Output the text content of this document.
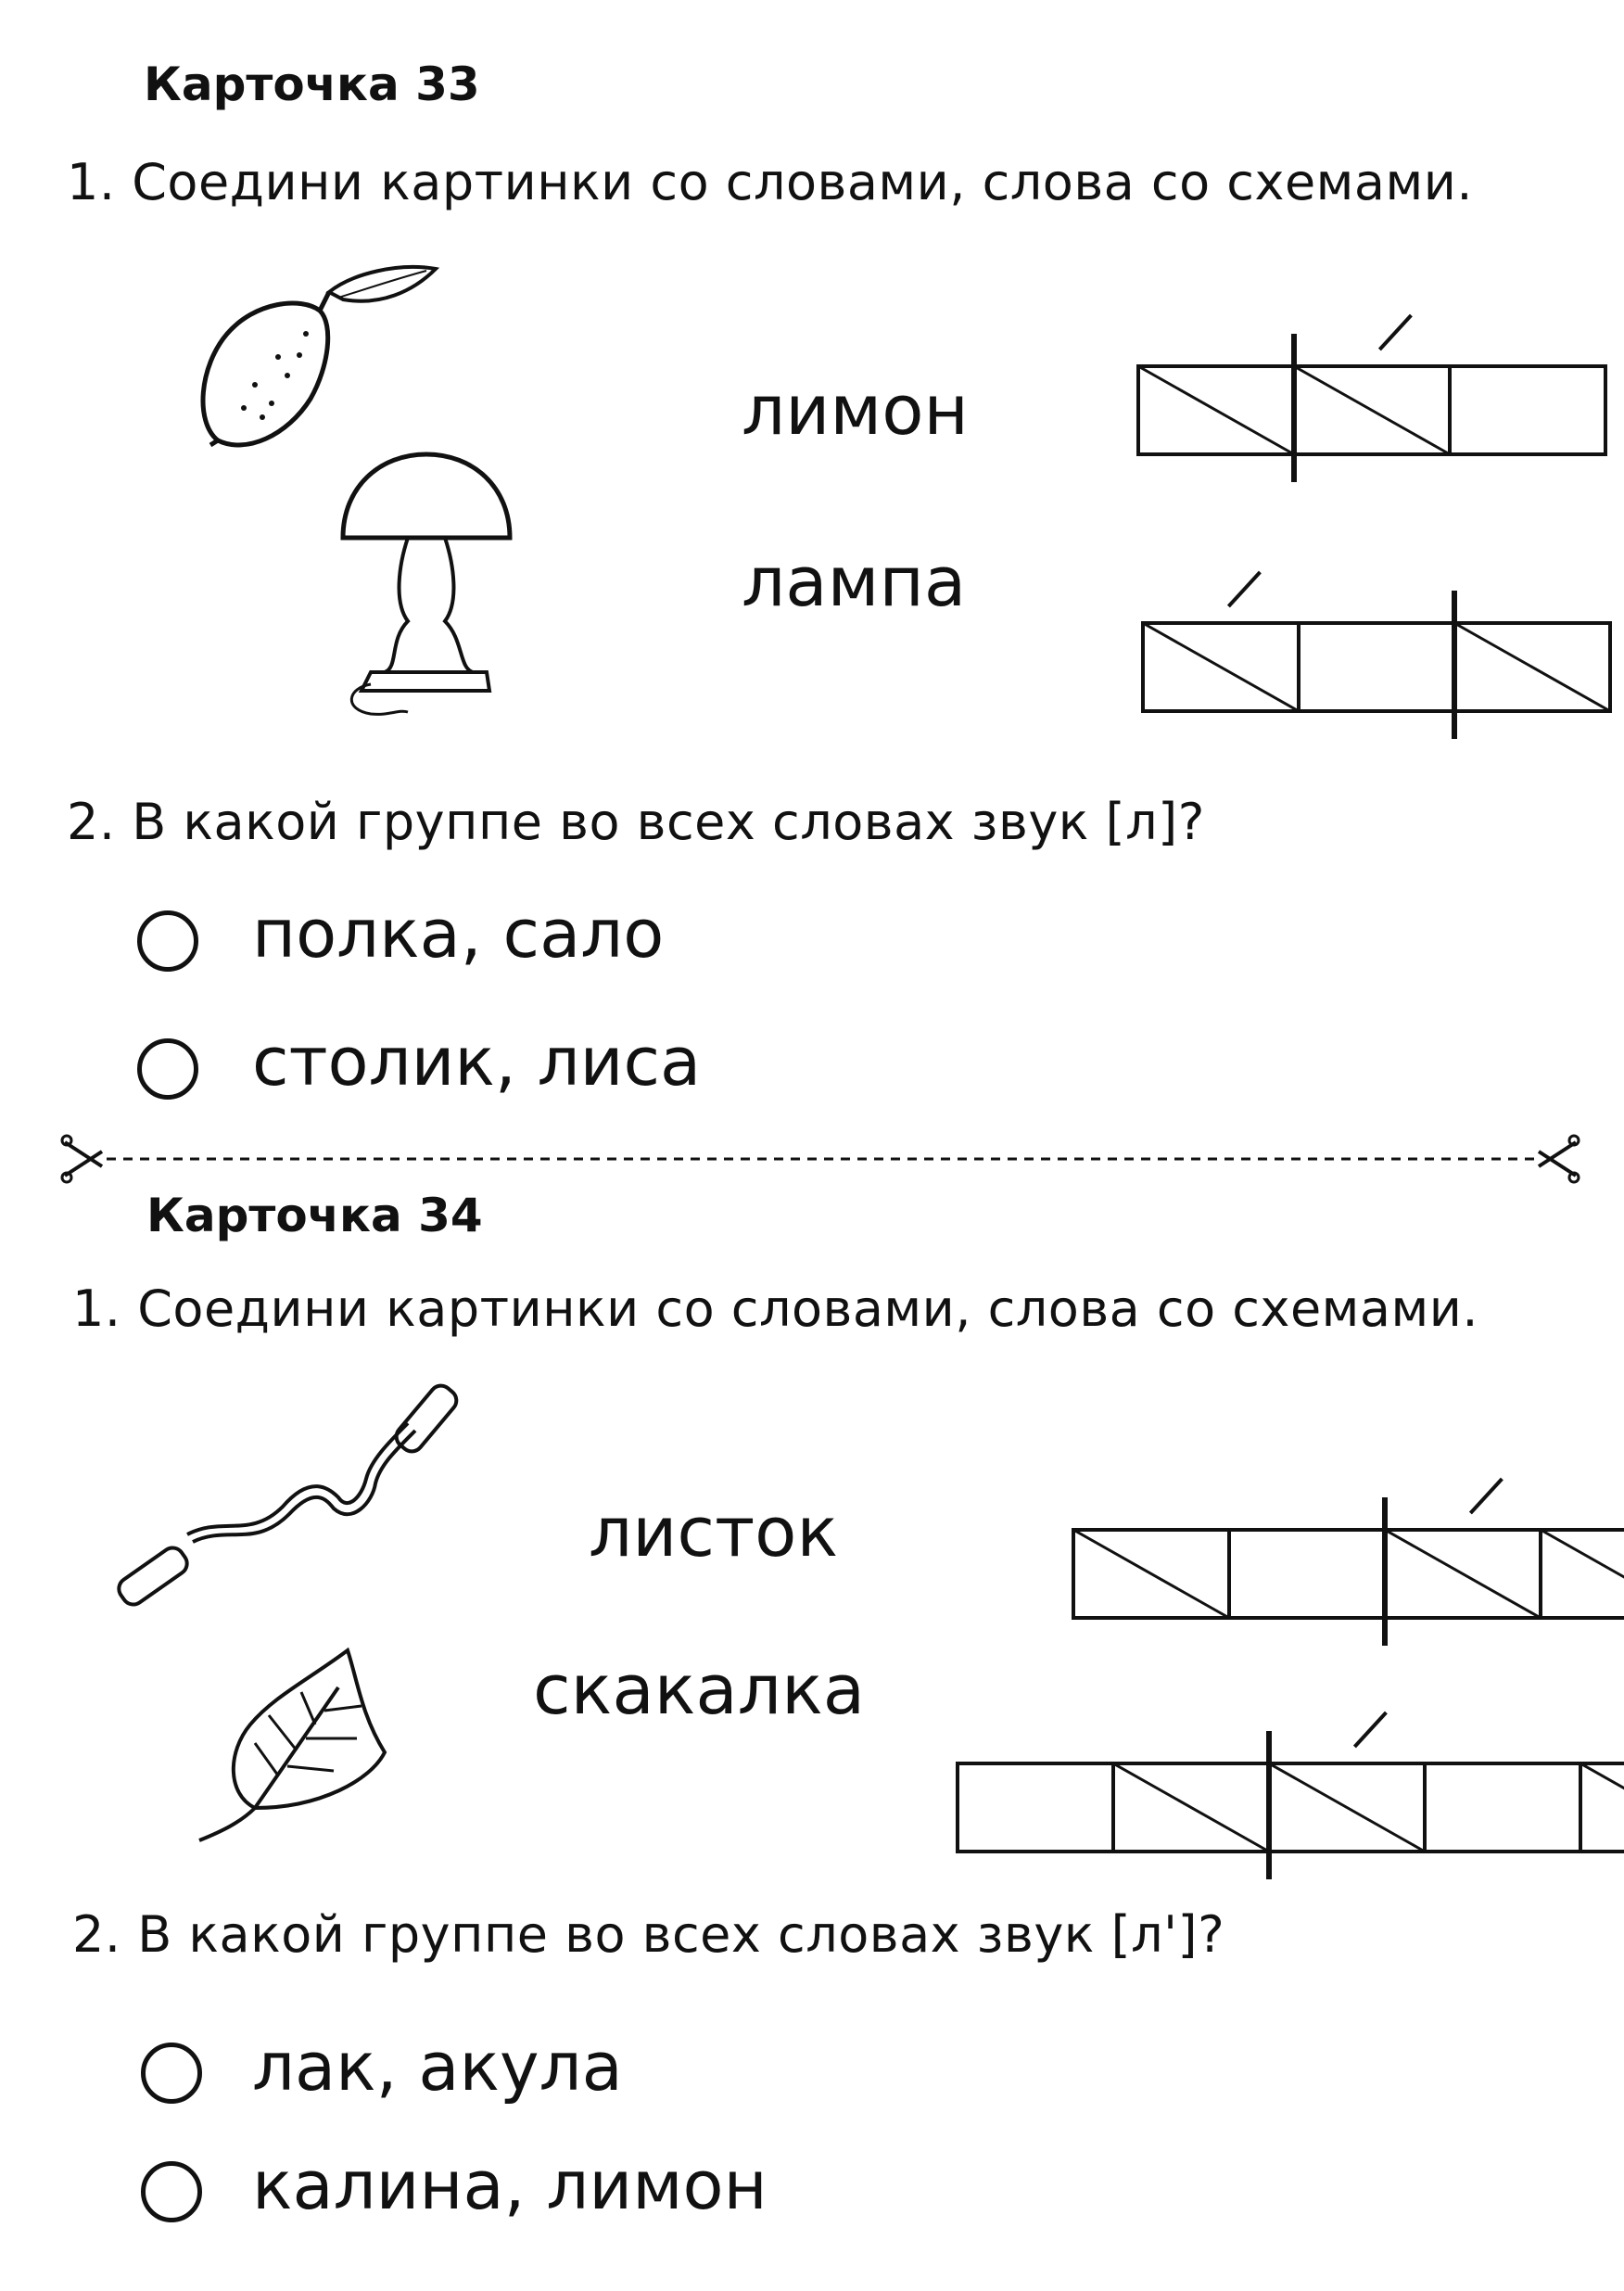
Карточка 33
1. Соедини картинки со словами, слова со схемами.
лимон
лампа
2. В какой группе во всех словах звук [л]?
полка, сало
столик, лиса
Карточка 34
1. Соедини картинки со словами, слова со схемами.
листок
скакалка
2. В какой группе во всех словах звук [л']?
лак, акула
калина, лимон
